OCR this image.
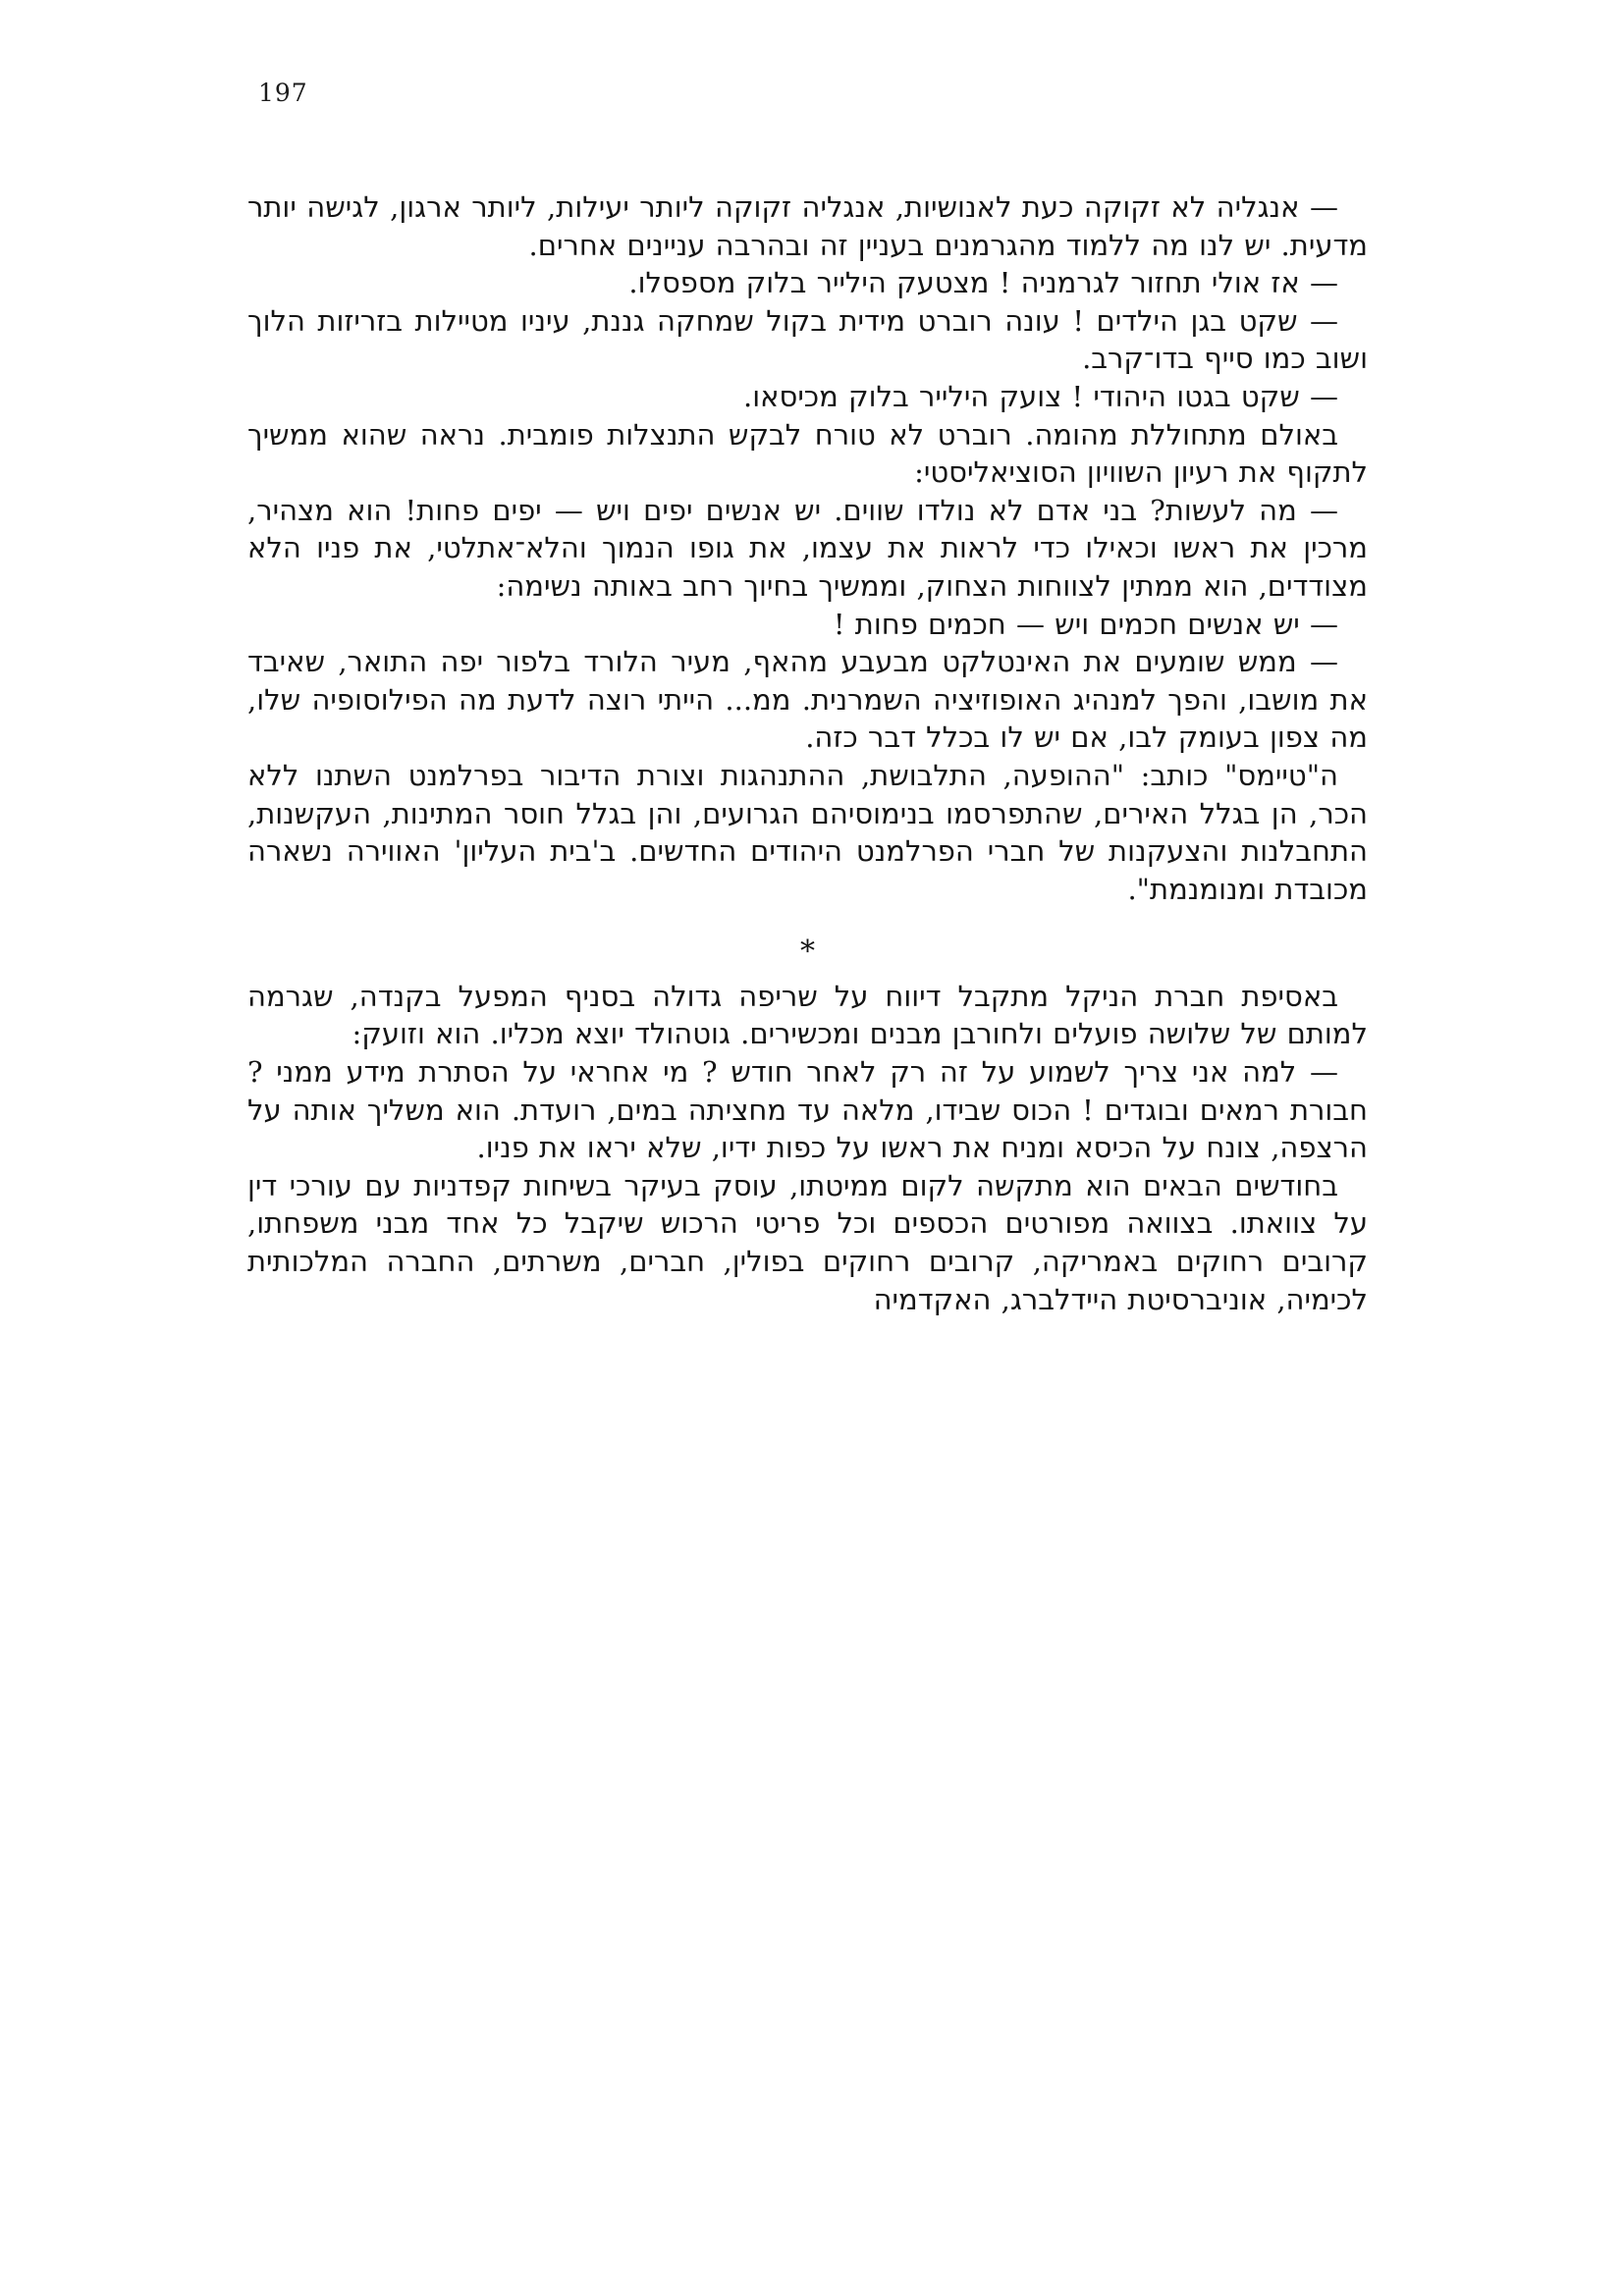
197

— אנגליה לא זקוקה כעת לאנושיות, אנגליה זקוקה ליותר יעילות, ליותר ארגון, לגישה יותר מדעית. יש לנו מה ללמוד מהגרמנים בעניין זה ובהרבה עניינים אחרים.

— אז אולי תחזור לגרמניה ! מצטעק הילייר בלוק מספסלו.

— שקט בגן הילדים ! עונה רוברט מידית בקול שמחקה גננת, עיניו מטיילות בזריזות הלוך ושוב כמו סייף בדו־קרב.

— שקט בגטו היהודי ! צועק הילייר בלוק מכיסאו.

באולם מתחוללת מהומה. רוברט לא טורח לבקש התנצלות פומבית. נראה שהוא ממשיך לתקוף את רעיון השוויון הסוציאליסטי:

— מה לעשות? בני אדם לא נולדו שווים. יש אנשים יפים ויש — יפים פחות! הוא מצהיר, מרכין את ראשו וכאילו כדי לראות את עצמו, את גופו הנמוך והלא־אתלטי, את פניו הלא מצודדים, הוא ממתין לצווחות הצחוק, וממשיך בחיוך רחב באותה נשימה:

— יש אנשים חכמים ויש — חכמים פחות !

— ממש שומעים את האינטלקט מבעבע מהאף, מעיר הלורד בלפור יפה התואר, שאיבד את מושבו, והפך למנהיג האופוזיציה השמרנית. ממ... הייתי רוצה לדעת מה הפילוסופיה שלו, מה צפון בעומק לבו, אם יש לו בכלל דבר כזה.

ה"טיימס" כותב: "ההופעה, התלבושת, ההתנהגות וצורת הדיבור בפרלמנט השתנו ללא הכר, הן בגלל האירים, שהתפרסמו בנימוסיהם הגרועים, והן בגלל חוסר המתינות, העקשנות, התחבלנות והצעקנות של חברי הפרלמנט היהודים החדשים. ב'בית העליון' האווירה נשארה מכובדת ומנומנמת".

*

באסיפת חברת הניקל מתקבל דיווח על שריפה גדולה בסניף המפעל בקנדה, שגרמה למותם של שלושה פועלים ולחורבן מבנים ומכשירים. גוטהולד יוצא מכליו. הוא וזועק:

— למה אני צריך לשמוע על זה רק לאחר חודש ? מי אחראי על הסתרת מידע ממני ? חבורת רמאים ובוגדים ! הכוס שבידו, מלאה עד מחציתה במים, רועדת. הוא משליך אותה על הרצפה, צונח על הכיסא ומניח את ראשו על כפות ידיו, שלא יראו את פניו.

בחודשים הבאים הוא מתקשה לקום ממיטתו, עוסק בעיקר בשיחות קפדניות עם עורכי דין על צוואתו. בצוואה מפורטים הכספים וכל פריטי הרכוש שיקבל כל אחד מבני משפחתו, קרובים רחוקים באמריקה, קרובים רחוקים בפולין, חברים, משרתים, החברה המלכותית לכימיה, אוניברסיטת היידלברג, האקדמיה
